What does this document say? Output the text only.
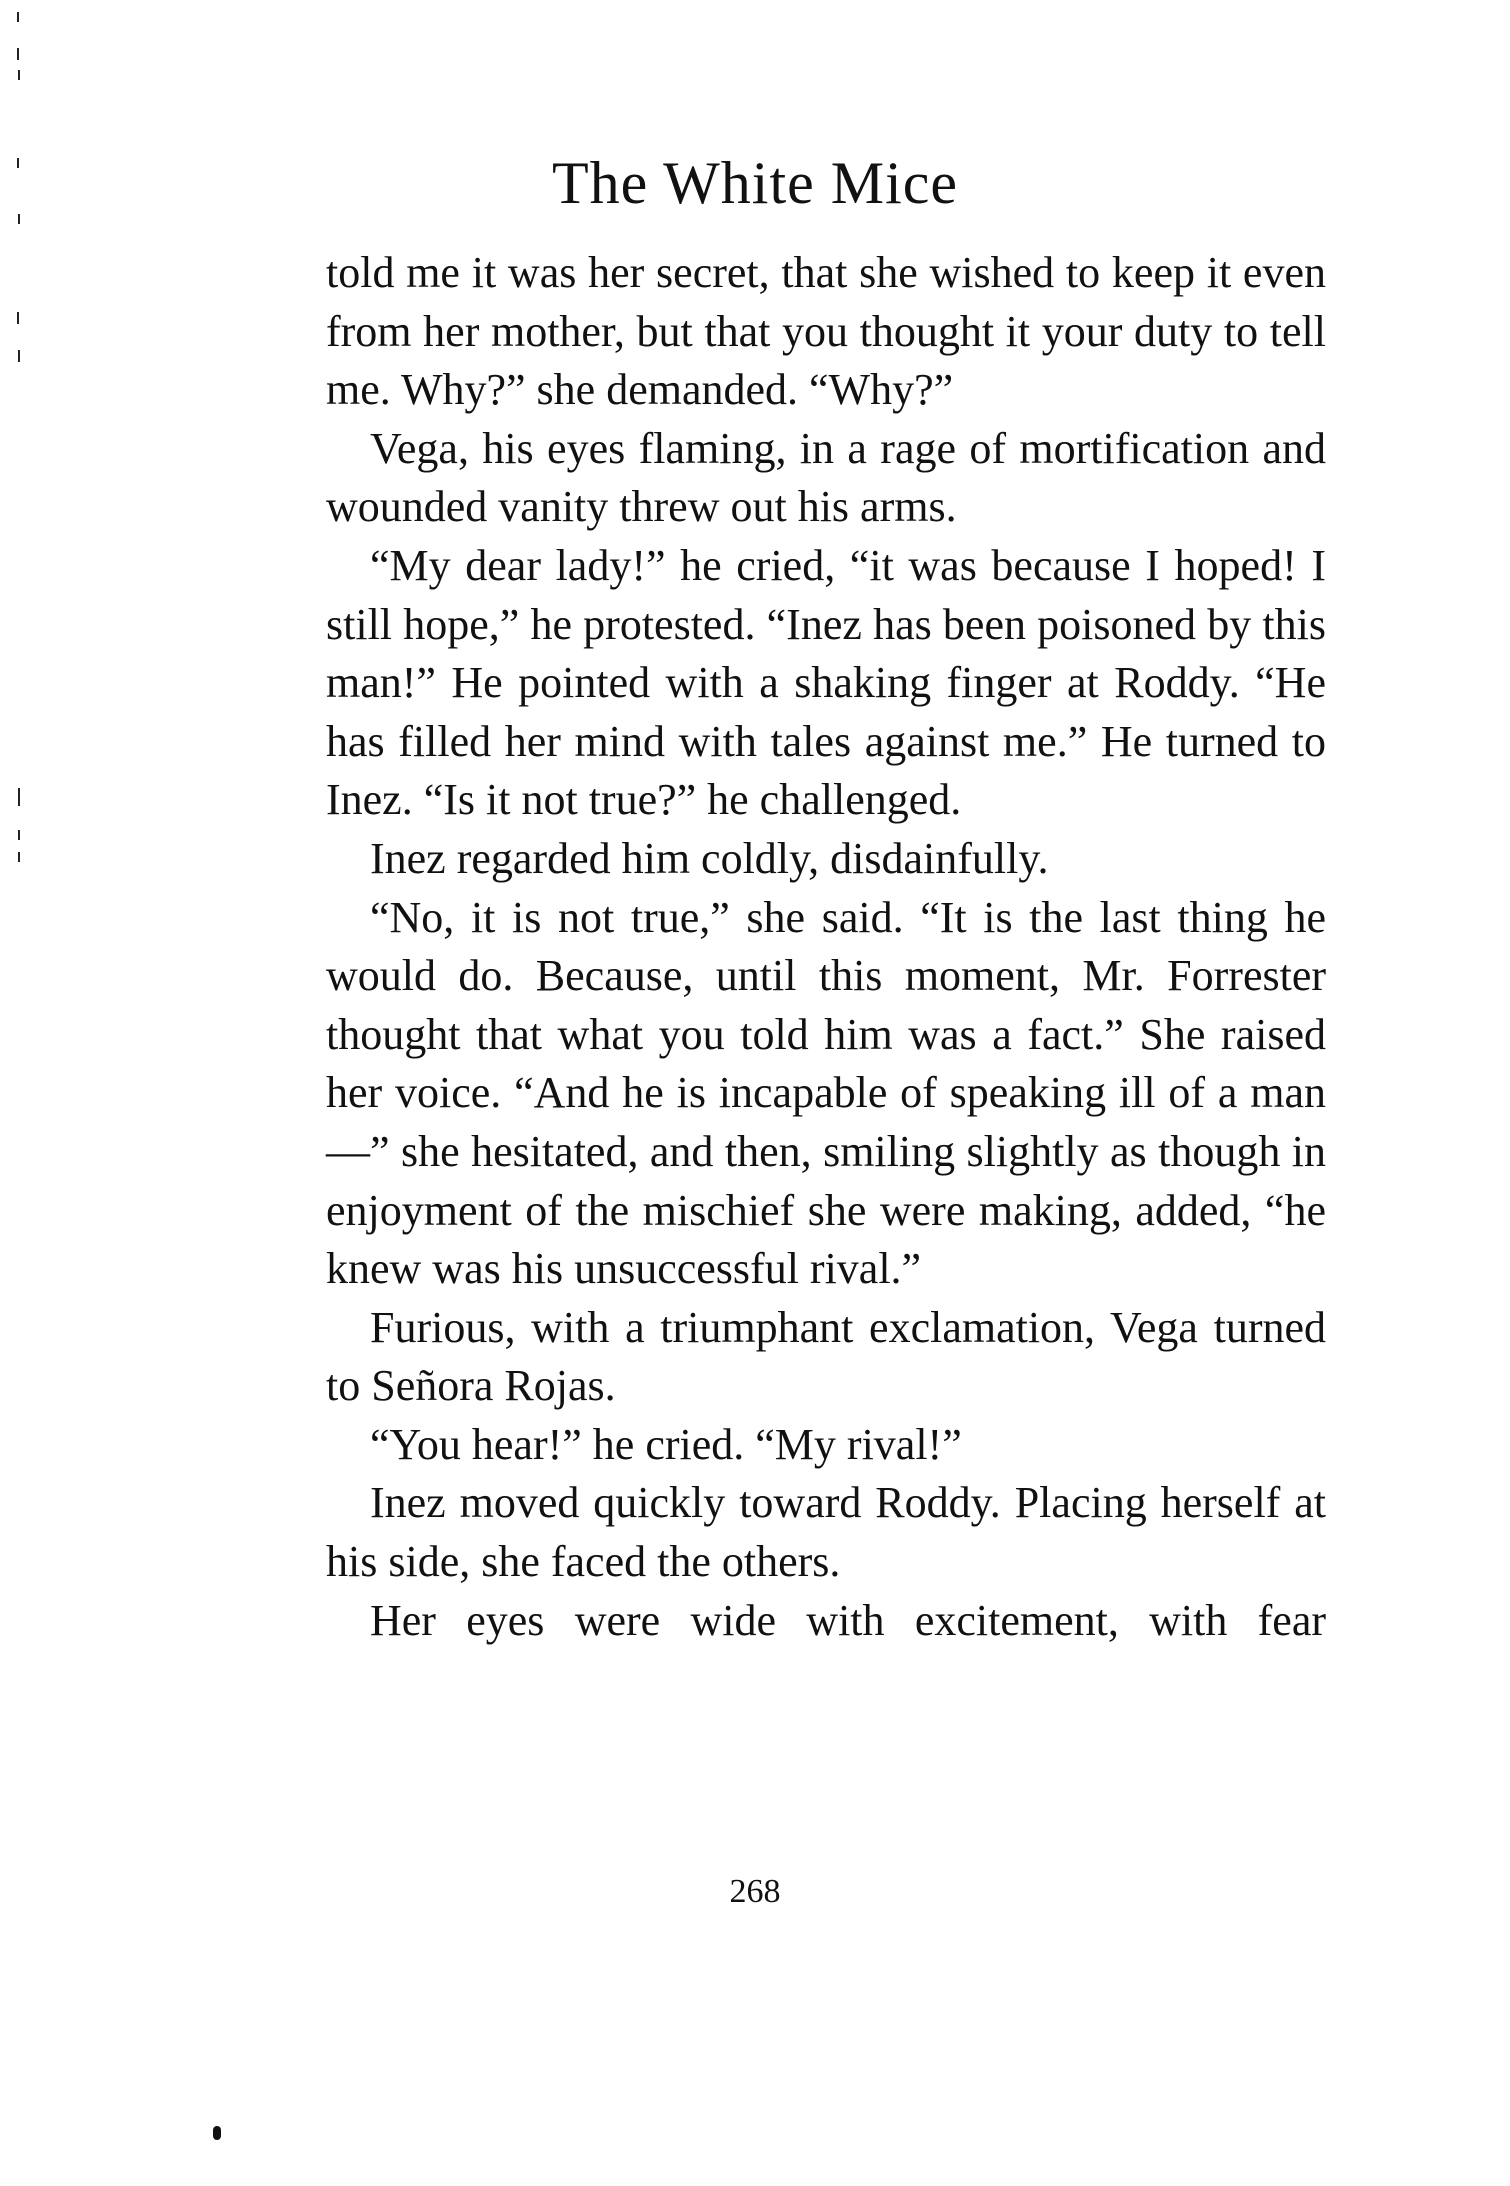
The White Mice

told me it was her secret, that she wished to keep it even from her mother, but that you thought it your duty to tell me. Why?” she demanded. “Why?”

Vega, his eyes flaming, in a rage of mortification and wounded vanity threw out his arms.

“My dear lady!” he cried, “it was because I hoped! I still hope,” he protested. “Inez has been poisoned by this man!” He pointed with a shaking finger at Roddy. “He has filled her mind with tales against me.” He turned to Inez. “Is it not true?” he challenged.

Inez regarded him coldly, disdainfully.

“No, it is not true,” she said. “It is the last thing he would do. Because, until this moment, Mr. Forrester thought that what you told him was a fact.” She raised her voice. “And he is incapable of speaking ill of a man—” she hesitated, and then, smiling slightly as though in enjoyment of the mischief she were making, added, “he knew was his unsuccessful rival.”

Furious, with a triumphant exclamation, Vega turned to Señora Rojas.

“You hear!” he cried. “My rival!”

Inez moved quickly toward Roddy. Placing herself at his side, she faced the others.

Her eyes were wide with excitement, with fear

268
